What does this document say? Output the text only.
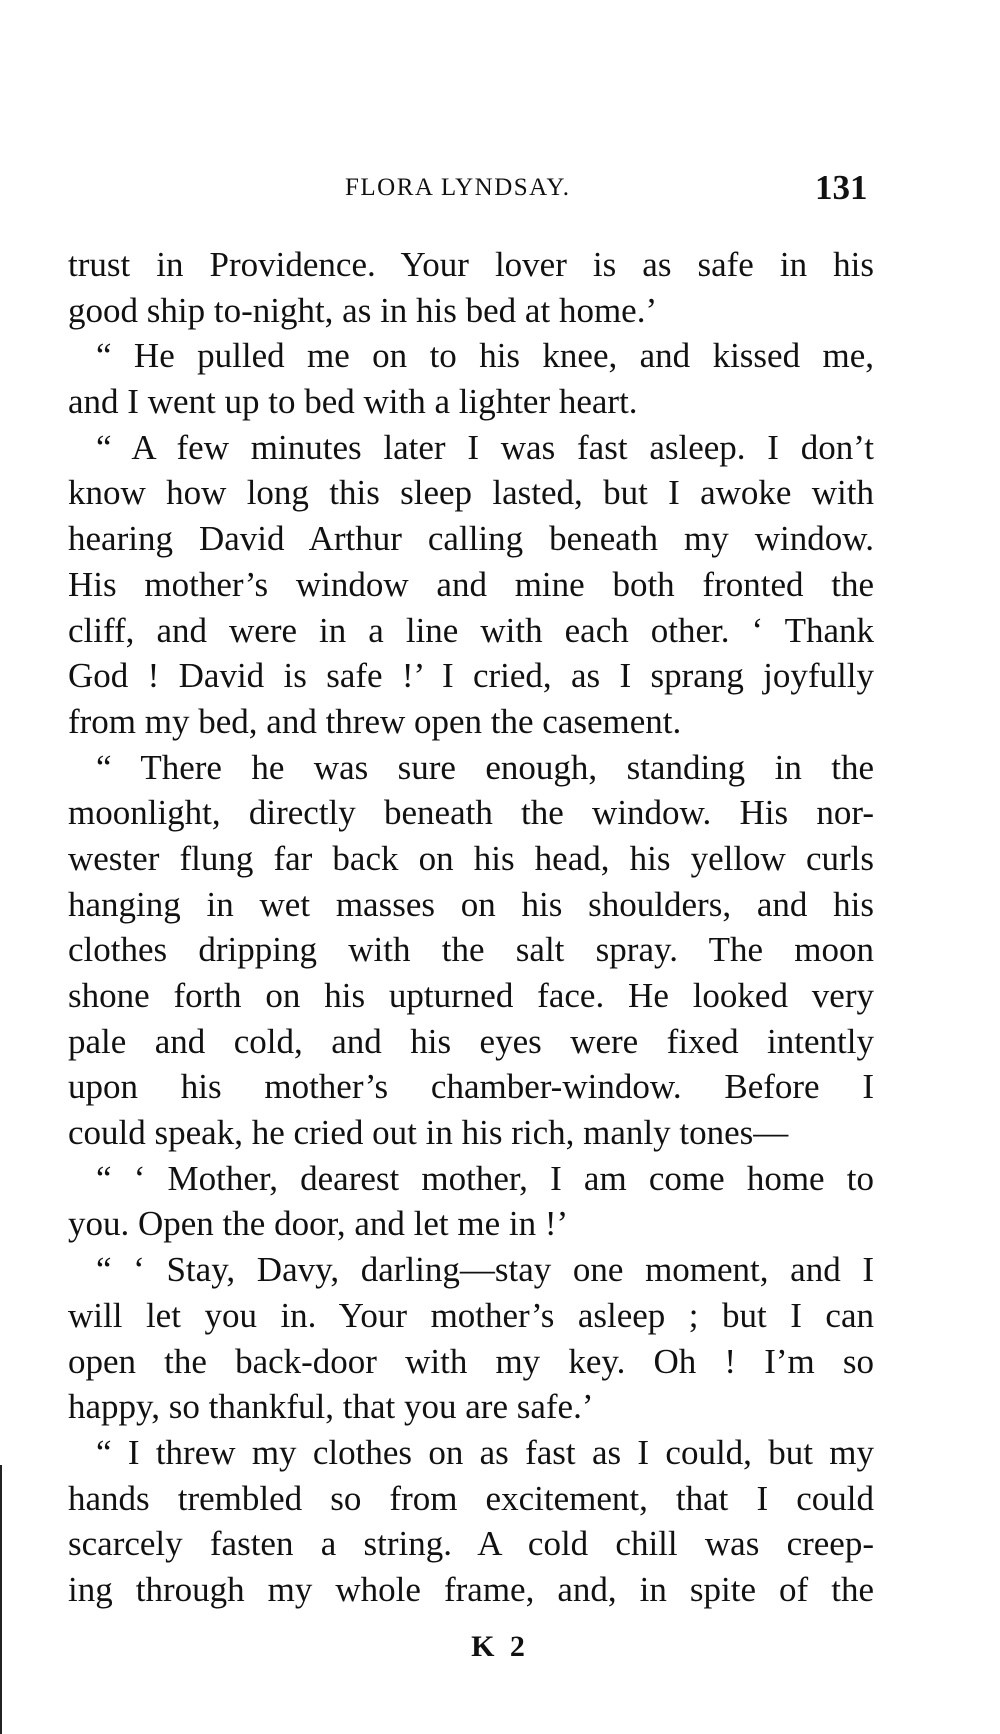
FLORA LYNDSAY.	131
trust in Providence. Your lover is as safe in his
good ship to-night, as in his bed at home.’
“ He pulled me on to his knee, and kissed me,
and I went up to bed with a lighter heart.
“ A few minutes later I was fast asleep. I don’t
know how long this sleep lasted, but I awoke with
hearing David Arthur calling beneath my window.
His mother’s window and mine both fronted the
cliff, and were in a line with each other. ‘ Thank
God ! David is safe !’ I cried, as I sprang joyfully
from my bed, and threw open the casement.
“ There he was sure enough, standing in the
moonlight, directly beneath the window. His nor-
wester flung far back on his head, his yellow curls
hanging in wet masses on his shoulders, and his
clothes dripping with the salt spray. The moon
shone forth on his upturned face. He looked very
pale and cold, and his eyes were fixed intently
upon his mother’s chamber-window. Before I
could speak, he cried out in his rich, manly tones—
“ ‘ Mother, dearest mother, I am come home to
you. Open the door, and let me in !’
“ ‘ Stay, Davy, darling—stay one moment, and I
will let you in. Your mother’s asleep ; but I can
open the back-door with my key. Oh ! I’m so
happy, so thankful, that you are safe.’
“ I threw my clothes on as fast as I could, but my
hands trembled so from excitement, that I could
scarcely fasten a string. A cold chill was creep-
ing through my whole frame, and, in spite of the
K 2
